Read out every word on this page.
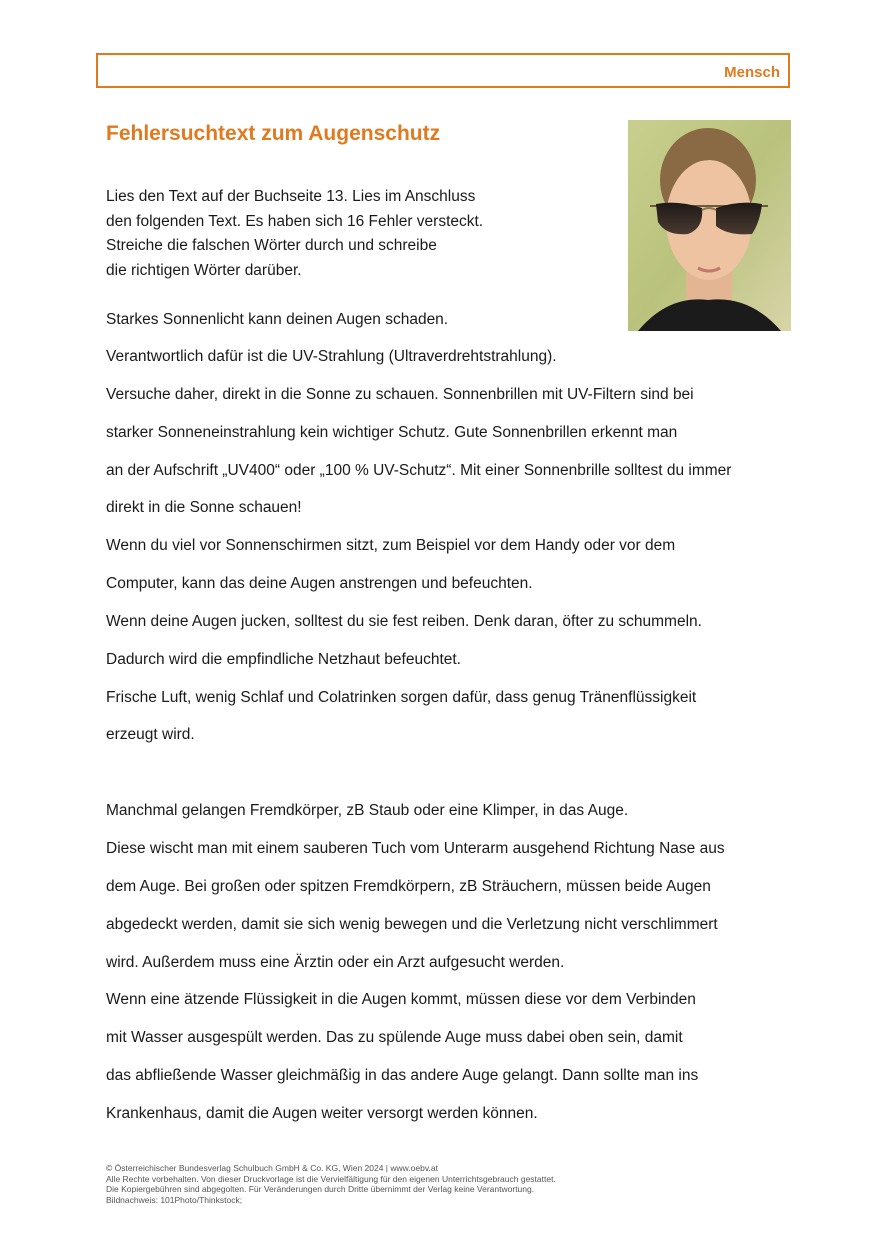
Mensch
Fehlersuchtext zum Augenschutz
Lies den Text auf der Buchseite 13. Lies im Anschluss
den folgenden Text. Es haben sich 16 Fehler versteckt.
Streiche die falschen Wörter durch und schreibe
die richtigen Wörter darüber.
Starkes Sonnenlicht kann deinen Augen schaden.
Verantwortlich dafür ist die UV-Strahlung (Ultraverdrehtstrahlung).
Versuche daher, direkt in die Sonne zu schauen. Sonnenbrillen mit UV-Filtern sind bei
starker Sonneneinstrahlung kein wichtiger Schutz. Gute Sonnenbrillen erkennt man
an der Aufschrift „UV400“ oder „100 % UV-Schutz“. Mit einer Sonnenbrille solltest du immer
direkt in die Sonne schauen!
Wenn du viel vor Sonnenschirmen sitzt, zum Beispiel vor dem Handy oder vor dem
Computer, kann das deine Augen anstrengen und befeuchten.
Wenn deine Augen jucken, solltest du sie fest reiben. Denk daran, öfter zu schummeln.
Dadurch wird die empfindliche Netzhaut befeuchtet.
Frische Luft, wenig Schlaf und Colatrinken sorgen dafür, dass genug Tränenflüssigkeit
erzeugt wird.
Manchmal gelangen Fremdkörper, zB Staub oder eine Klimper, in das Auge.
Diese wischt man mit einem sauberen Tuch vom Unterarm ausgehend Richtung Nase aus
dem Auge. Bei großen oder spitzen Fremdkörpern, zB Sträuchern, müssen beide Augen
abgedeckt werden, damit sie sich wenig bewegen und die Verletzung nicht verschlimmert
wird. Außerdem muss eine Ärztin oder ein Arzt aufgesucht werden.
Wenn eine ätzende Flüssigkeit in die Augen kommt, müssen diese vor dem Verbinden
mit Wasser ausgespült werden. Das zu spülende Auge muss dabei oben sein, damit
das abfließende Wasser gleichmäßig in das andere Auge gelangt. Dann sollte man ins
Krankenhaus, damit die Augen weiter versorgt werden können.
© Österreichischer Bundesverlag Schulbuch GmbH & Co. KG, Wien 2024 | www.oebv.at
Alle Rechte vorbehalten. Von dieser Druckvorlage ist die Vervielfältigung für den eigenen Unterrichtsgebrauch gestattet.
Die Kopiergebühren sind abgegolten. Für Veränderungen durch Dritte übernimmt der Verlag keine Verantwortung.
Bildnachweis: 101Photo/Thinkstock;
